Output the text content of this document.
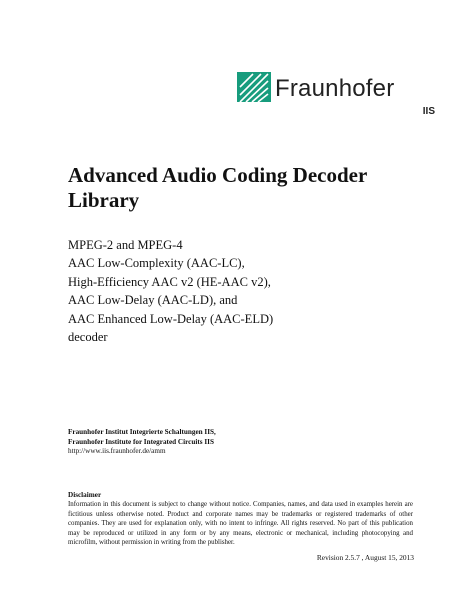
Fraunhofer
IIS
Advanced Audio Coding Decoder
Library
MPEG-2 and MPEG-4
AAC Low-Complexity (AAC-LC),
High-Efficiency AAC v2 (HE-AAC v2),
AAC Low-Delay (AAC-LD), and
AAC Enhanced Low-Delay (AAC-ELD)
decoder
Fraunhofer Institut Integrierte Schaltungen IIS,
Fraunhofer Institute for Integrated Circuits IIS
http://www.iis.fraunhofer.de/amm
Disclaimer

Information in this document is subject to change without notice. Companies, names, and data used in examples herein are fictitious unless otherwise noted. Product and corporate names may be trademarks or registered trademarks of other companies. They are used for explanation only, with no intent to infringe. All rights reserved. No part of this publication may be reproduced or utilized in any form or by any means, electronic or mechanical, including photocopying and microfilm, without permission in writing from the publisher.

Revision 2.5.7 , August 15, 2013
